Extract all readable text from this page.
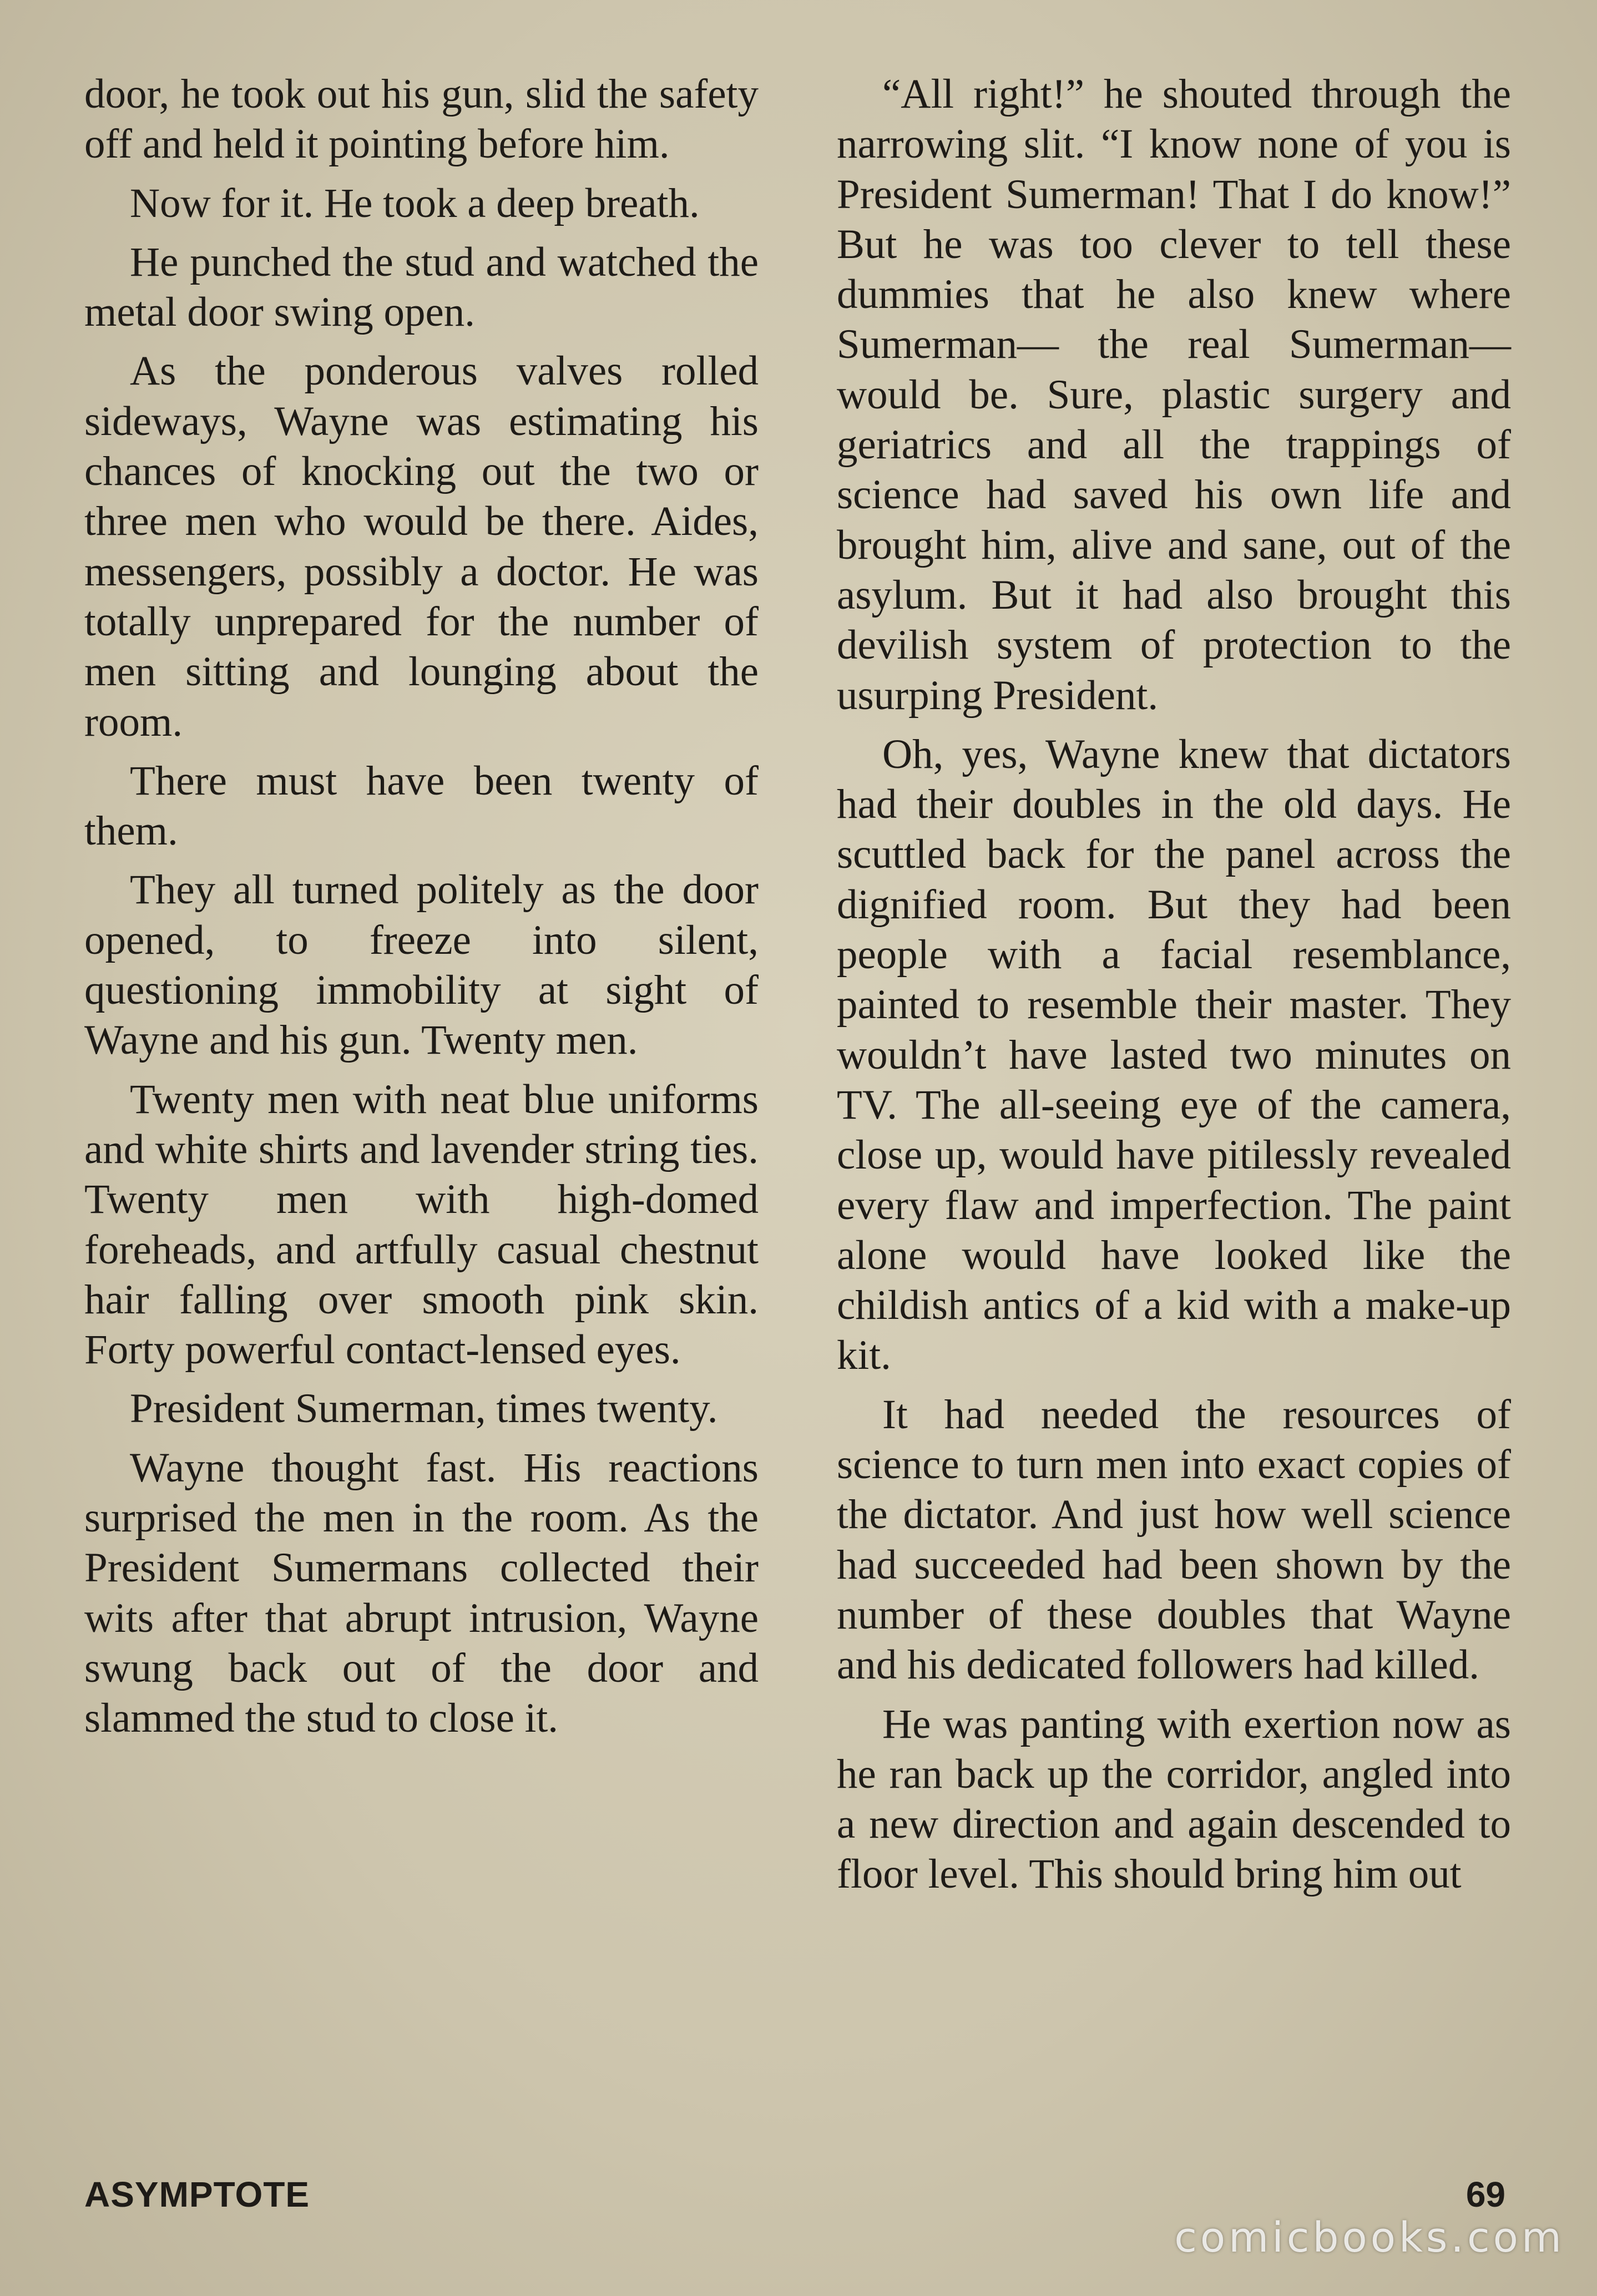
door, he took out his gun, slid the safety off and held it pointing before him.

Now for it. He took a deep breath.

He punched the stud and watched the metal door swing open.

As the ponderous valves rolled sideways, Wayne was estimating his chances of knocking out the two or three men who would be there. Aides, messengers, possibly a doctor. He was totally unprepared for the number of men sitting and lounging about the room.

There must have been twenty of them.

They all turned politely as the door opened, to freeze into silent, questioning immobility at sight of Wayne and his gun. Twenty men.

Twenty men with neat blue uniforms and white shirts and lavender string ties. Twenty men with high-domed foreheads, and artfully casual chestnut hair falling over smooth pink skin. Forty powerful contact-lensed eyes.

President Sumerman, times twenty.

Wayne thought fast. His reactions surprised the men in the room. As the President Sumermans collected their wits after that abrupt intrusion, Wayne swung back out of the door and slammed the stud to close it.

“All right!” he shouted through the narrowing slit. “I know none of you is President Sumerman! That I do know!” But he was too clever to tell these dummies that he also knew where Sumerman— the real Sumerman—would be. Sure, plastic surgery and geriatrics and all the trappings of science had saved his own life and brought him, alive and sane, out of the asylum. But it had also brought this devilish system of protection to the usurping President.

Oh, yes, Wayne knew that dictators had their doubles in the old days. He scuttled back for the panel across the dignified room. But they had been people with a facial resemblance, painted to resemble their master. They wouldn’t have lasted two minutes on TV. The all-seeing eye of the camera, close up, would have pitilessly revealed every flaw and imperfection. The paint alone would have looked like the childish antics of a kid with a make-up kit.

It had needed the resources of science to turn men into exact copies of the dictator. And just how well science had succeeded had been shown by the number of these doubles that Wayne and his dedicated followers had killed.

He was panting with exertion now as he ran back up the corridor, angled into a new direction and again descended to floor level. This should bring him out

ASYMPTOTE	69
comicbooks.com
